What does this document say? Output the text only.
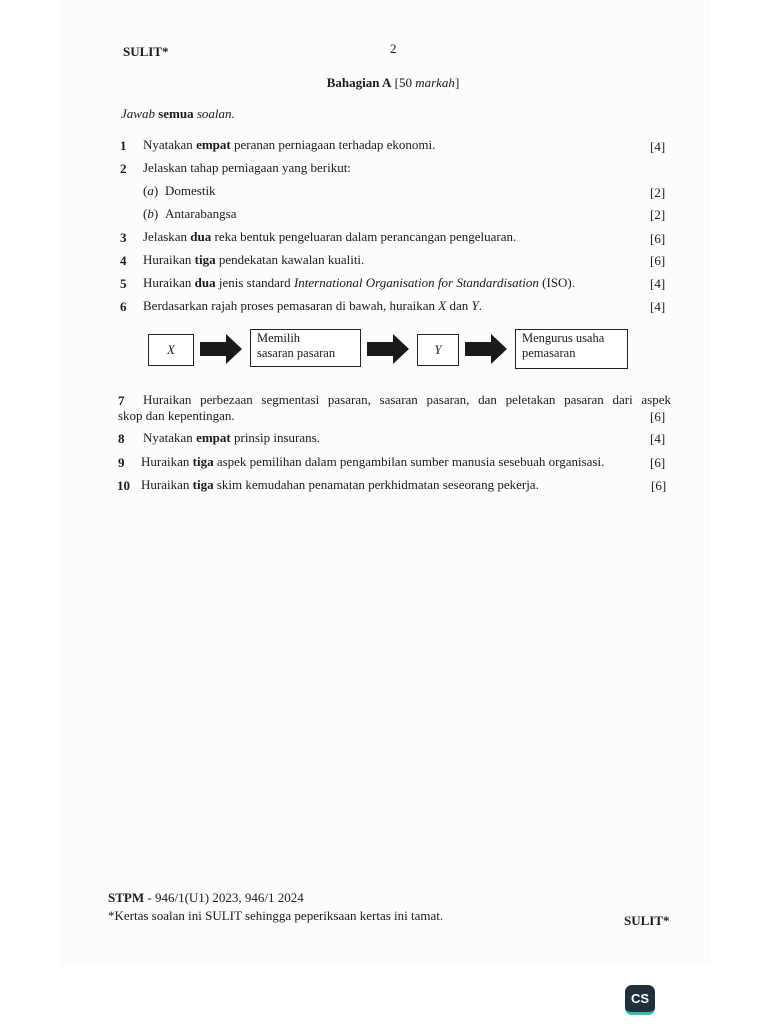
SULIT*	2
Bahagian A [50 markah]
Jawab semua soalan.
1 Nyatakan empat peranan perniagaan terhadap ekonomi.	[4]
2 Jelaskan tahap perniagaan yang berikut:
(a) Domestik	[2]
(b) Antarabangsa	[2]
3 Jelaskan dua reka bentuk pengeluaran dalam perancangan pengeluaran.	[6]
4 Huraikan tiga pendekatan kawalan kualiti.	[6]
5 Huraikan dua jenis standard International Organisation for Standardisation (ISO).	[4]
6 Berdasarkan rajah proses pemasaran di bawah, huraikan X dan Y.	[4]
X
Memilih
sasaran pasaran	Y
Mengurus usaha
pemasaran
7 Huraikan perbezaan segmentasi pasaran, sasaran pasaran, dan peletakan pasaran dari aspek
skop dan kepentingan.	[6]
8 Nyatakan empat prinsip insurans.	[4]
9 Huraikan tiga aspek pemilihan dalam pengambilan sumber manusia sesebuah organisasi.	[6]
10 Huraikan tiga skim kemudahan penamatan perkhidmatan seseorang pekerja.	[6]
STPM - 946/1(U1) 2023, 946/1 2024
*Kertas soalan ini SULIT sehingga peperiksaan kertas ini tamat.	SULIT*
CS
